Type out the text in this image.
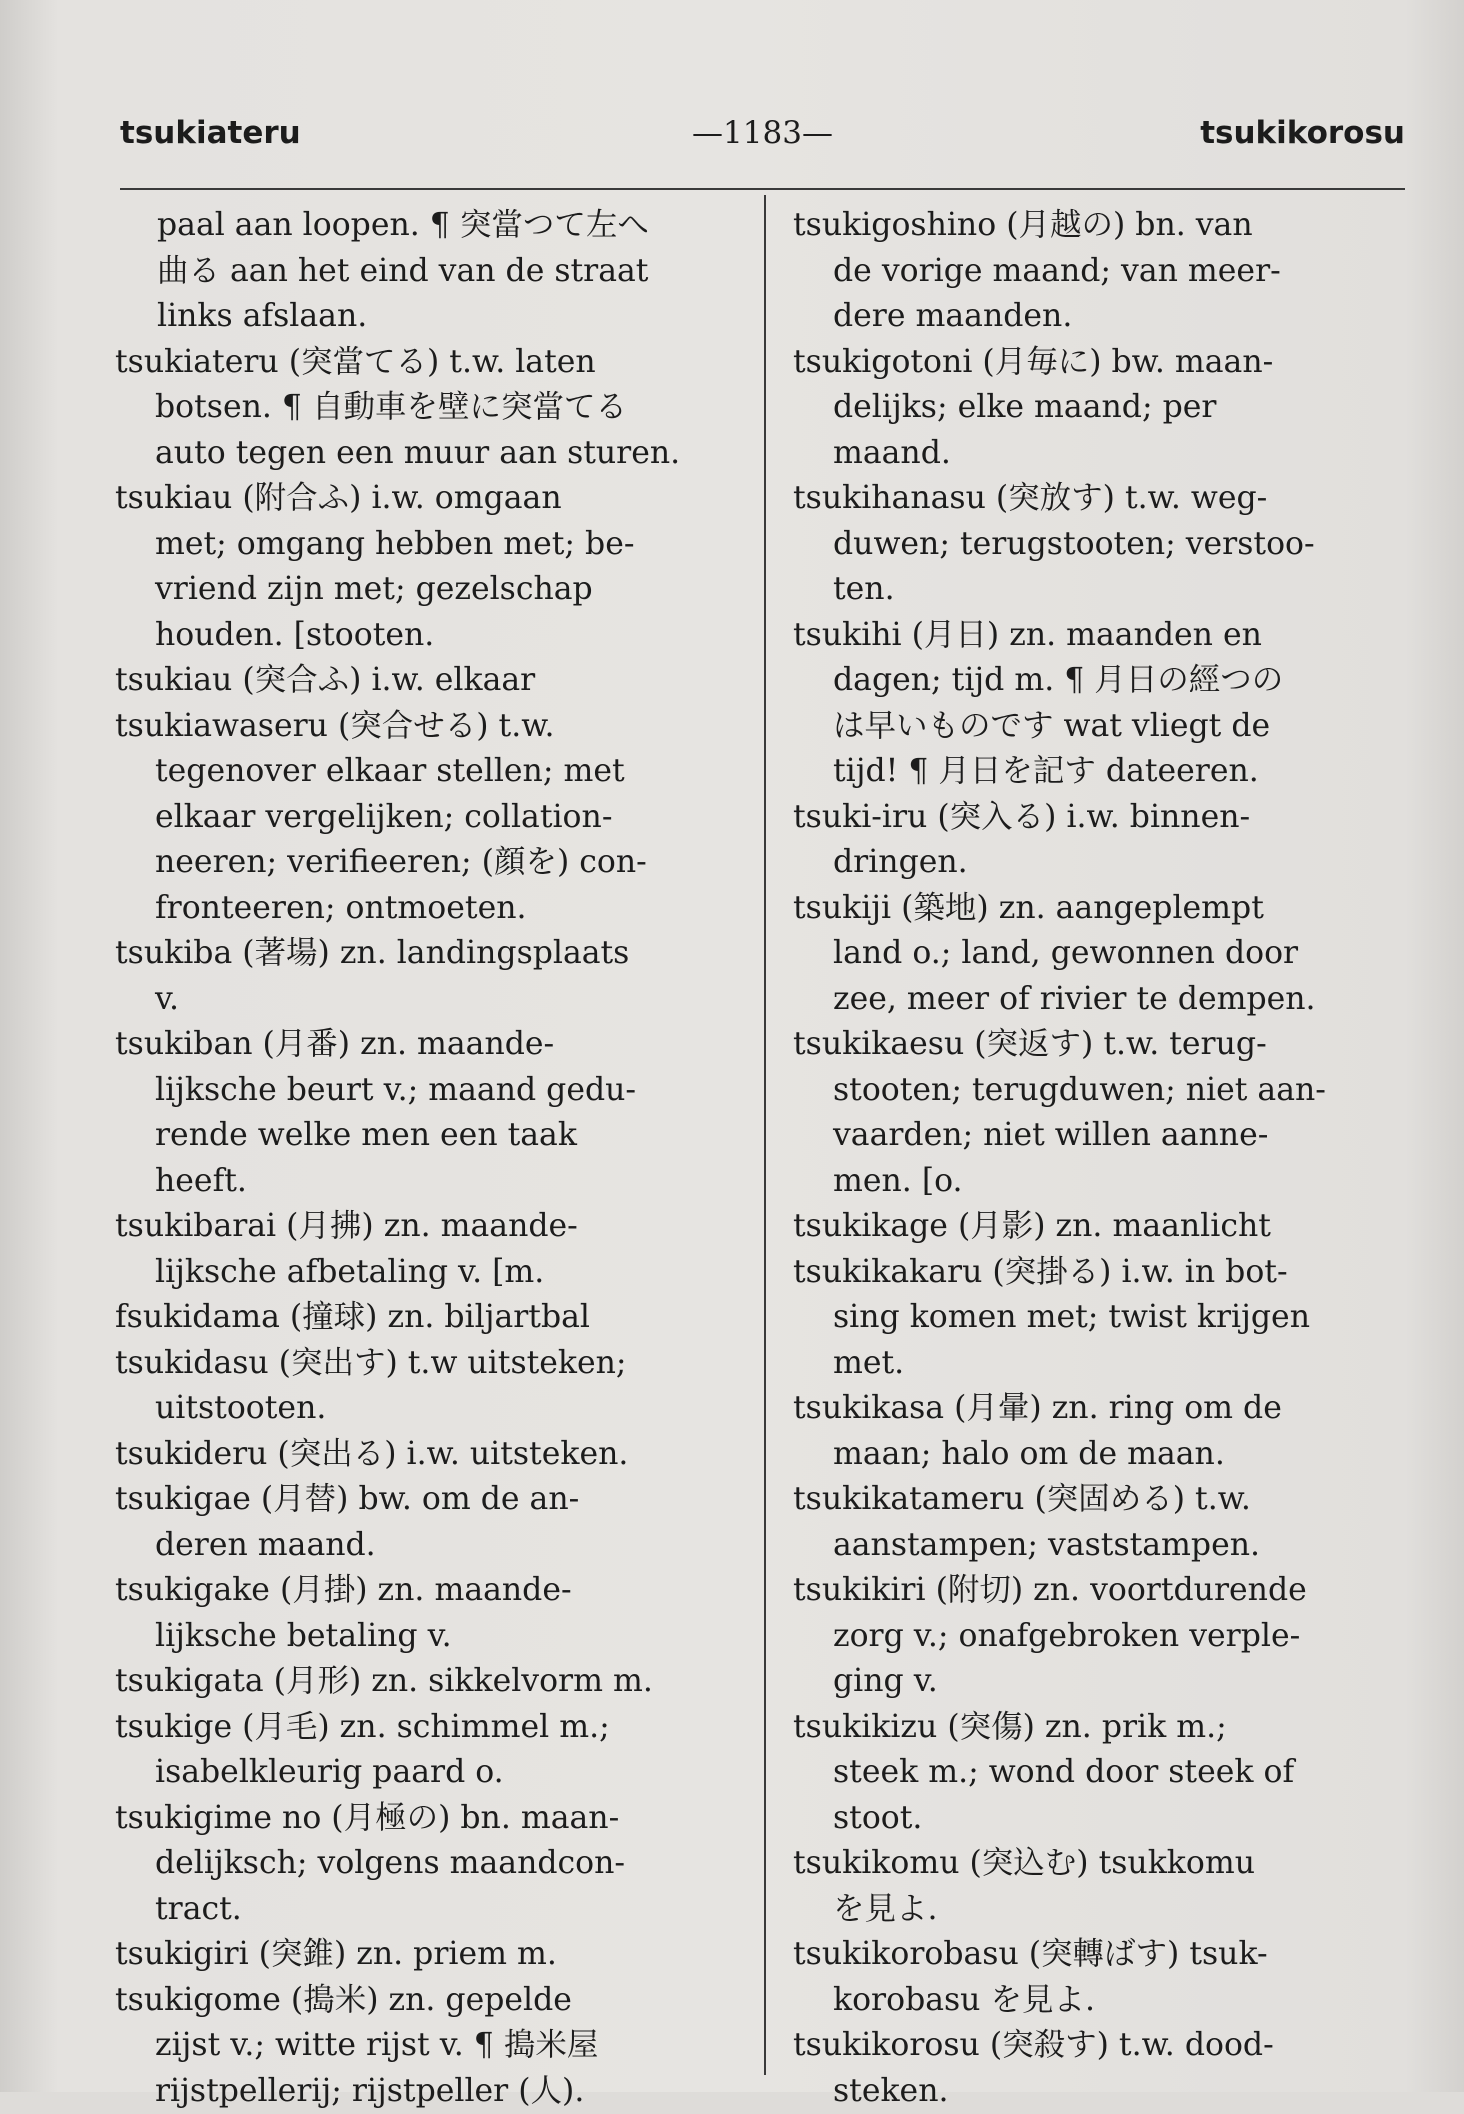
tsukiateru	—1183—	tsukikorosu
paal aan loopen. ¶ 突當つて左へ
曲る aan het eind van de straat
links afslaan.
tsukiateru (突當てる) t.w. laten
botsen. ¶ 自動車を壁に突當てる
auto tegen een muur aan sturen.
tsukiau (附合ふ) i.w. omgaan
met; omgang hebben met; be-
vriend zijn met; gezelschap
houden. [stooten.
tsukiau (突合ふ) i.w. elkaar
tsukiawaseru (突合せる) t.w.
tegenover elkaar stellen; met
elkaar vergelijken; collation-
neeren; verifieeren; (顔を) con-
fronteeren; ontmoeten.
tsukiba (著場) zn. landingsplaats
v.
tsukiban (月番) zn. maande-
lijksche beurt v.; maand gedu-
rende welke men een taak
heeft.
tsukibarai (月拂) zn. maande-
lijksche afbetaling v. [m.
fsukidama (撞球) zn. biljartbal
tsukidasu (突出す) t.w uitsteken;
uitstooten.
tsukideru (突出る) i.w. uitsteken.
tsukigae (月替) bw. om de an-
deren maand.
tsukigake (月掛) zn. maande-
lijksche betaling v.
tsukigata (月形) zn. sikkelvorm m.
tsukige (月毛) zn. schimmel m.;
isabelkleurig paard o.
tsukigime no (月極の) bn. maan-
delijksch; volgens maandcon-
tract.
tsukigiri (突錐) zn. priem m.
tsukigome (搗米) zn. gepelde
zijst v.; witte rijst v. ¶ 搗米屋
rijstpellerij; rijstpeller (人).
tsukigoshino (月越の) bn. van
de vorige maand; van meer-
dere maanden.
tsukigotoni (月毎に) bw. maan-
delijks; elke maand; per
maand.
tsukihanasu (突放す) t.w. weg-
duwen; terugstooten; verstoo-
ten.
tsukihi (月日) zn. maanden en
dagen; tijd m. ¶ 月日の經つの
は早いものです wat vliegt de
tijd! ¶ 月日を記す dateeren.
tsuki-iru (突入る) i.w. binnen-
dringen.
tsukiji (築地) zn. aangeplempt
land o.; land, gewonnen door
zee, meer of rivier te dempen.
tsukikaesu (突返す) t.w. terug-
stooten; terugduwen; niet aan-
vaarden; niet willen aanne-
men. [o.
tsukikage (月影) zn. maanlicht
tsukikakaru (突掛る) i.w. in bot-
sing komen met; twist krijgen
met.
tsukikasa (月暈) zn. ring om de
maan; halo om de maan.
tsukikatameru (突固める) t.w.
aanstampen; vaststampen.
tsukikiri (附切) zn. voortdurende
zorg v.; onafgebroken verple-
ging v.
tsukikizu (突傷) zn. prik m.;
steek m.; wond door steek of
stoot.
tsukikomu (突込む) tsukkomu
を見よ.
tsukikorobasu (突轉ばす) tsuk-
korobasu を見よ.
tsukikorosu (突殺す) t.w. dood-
steken.
